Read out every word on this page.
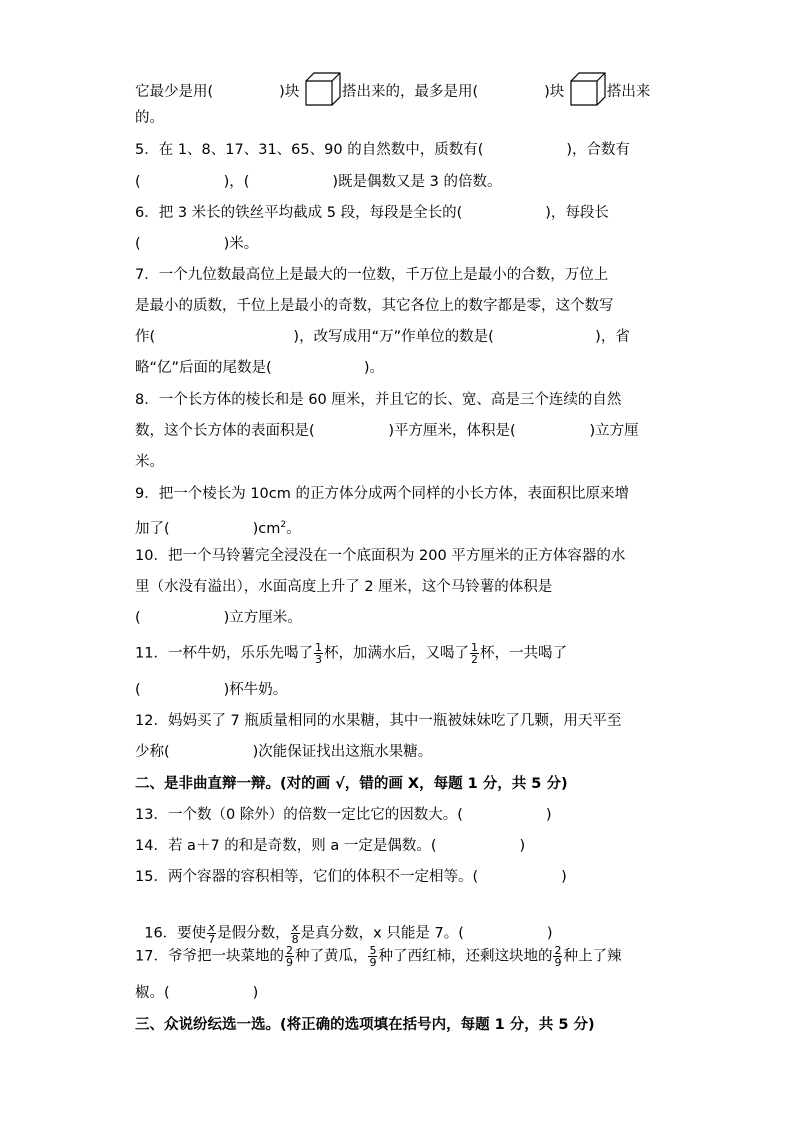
它最少是用(	)块	搭出来的，最多是用(	)块	搭出来
的。
5．在 1、8、17、31、65、90 的自然数中，质数有(                  )，合数有
(                  )，(                  )既是偶数又是 3 的倍数。
6．把 3 米长的铁丝平均截成 5 段，每段是全长的(                  )，每段长
(                  )米。
7．一个九位数最高位上是最大的一位数，千万位上是最小的合数，万位上
是最小的质数，千位上是最小的奇数，其它各位上的数字都是零，这个数写
作(                              )，改写成用“万”作单位的数是(                      )，省
略“亿”后面的尾数是(                    )。
8．一个长方体的棱长和是 60 厘米，并且它的长、宽、高是三个连续的自然
数，这个长方体的表面积是(                )平方厘米，体积是(                )立方厘
米。
9．把一个棱长为 10cm 的正方体分成两个同样的小长方体，表面积比原来增
加了(                  )$cm^2$。
10．把一个马铃薯完全浸没在一个底面积为 200 平方厘米的正方体容器的水
里（水没有溢出），水面高度上升了 2 厘米，这个马铃薯的体积是
(                  )立方厘米。
11．一杯牛奶，乐乐先喝了 $\frac{1}{3}$ 杯，加满水后，又喝了 $\frac{1}{2}$ 杯，一共喝了
(                  )杯牛奶。
12．妈妈买了 7 瓶质量相同的水果糖，其中一瓶被妹妹吃了几颗，用天平至
少称(                  )次能保证找出这瓶水果糖。
二、是非曲直辩一辩。(对的画 √，错的画 X，每题 1 分，共 5 分)
13．一个数（0 除外）的倍数一定比它的因数大。(                  )
14．若 a＋7 的和是奇数，则 a 一定是偶数。(                  )
15．两个容器的容积相等，它们的体积不一定相等。(                  )

16．要使 $\frac{x}{7}$ 是假分数， $\frac{x}{8}$ 是真分数，x 只能是 7。(                  )

17．爷爷把一块菜地的 $\frac{2}{9}$ 种了黄瓜， $\frac{5}{9}$ 种了西红柿，还剩这块地的 $\frac{2}{9}$ 种上了辣
椒。(                  )
三、众说纷纭选一选。(将正确的选项填在括号内，每题 1 分，共 5 分)
